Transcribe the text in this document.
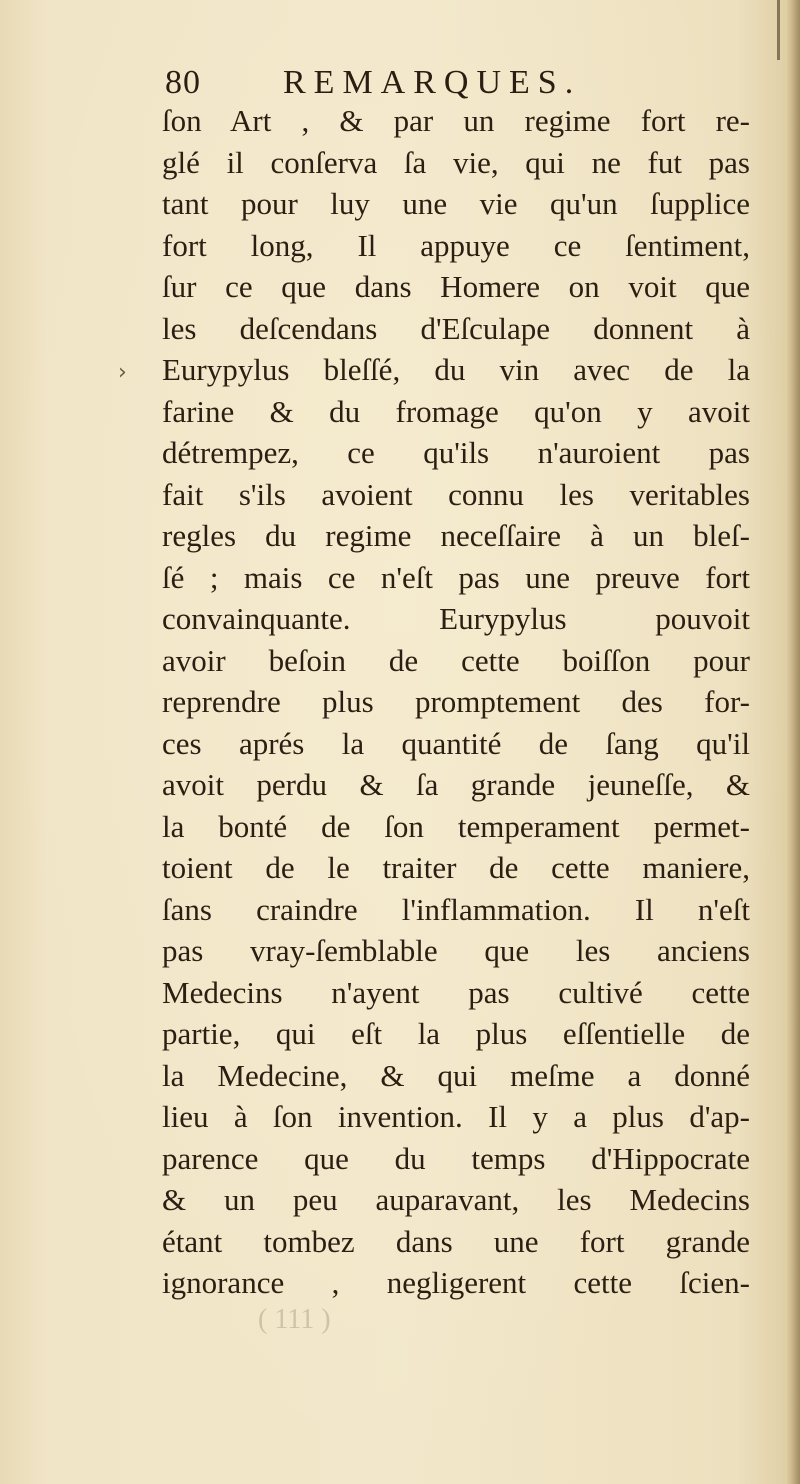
80 REMARQUES.
›
ſon Art , & par un regime fort re-
glé il conſerva ſa vie, qui ne fut pas
tant pour luy une vie qu'un ſupplice
fort long, Il appuye ce ſentiment,
ſur ce que dans Homere on voit que
les deſcendans d'Eſculape donnent à
Eurypylus bleſſé, du vin avec de la
farine & du fromage qu'on y avoit
détrempez, ce qu'ils n'auroient pas
fait s'ils avoient connu les veritables
regles du regime neceſſaire à un bleſ-
ſé ; mais ce n'eſt pas une preuve fort
convainquante. Eurypylus pouvoit
avoir beſoin de cette boiſſon pour
reprendre plus promptement des for-
ces aprés la quantité de ſang qu'il
avoit perdu & ſa grande jeuneſſe, &
la bonté de ſon temperament permet-
toient de le traiter de cette maniere,
ſans craindre l'inflammation. Il n'eſt
pas vray-ſemblable que les anciens
Medecins n'ayent pas cultivé cette
partie, qui eſt la plus eſſentielle de
la Medecine, & qui meſme a donné
lieu à ſon invention. Il y a plus d'ap-
parence que du temps d'Hippocrate
& un peu auparavant, les Medecins
étant tombez dans une fort grande
ignorance , negligerent cette ſcien-
( 111 )
